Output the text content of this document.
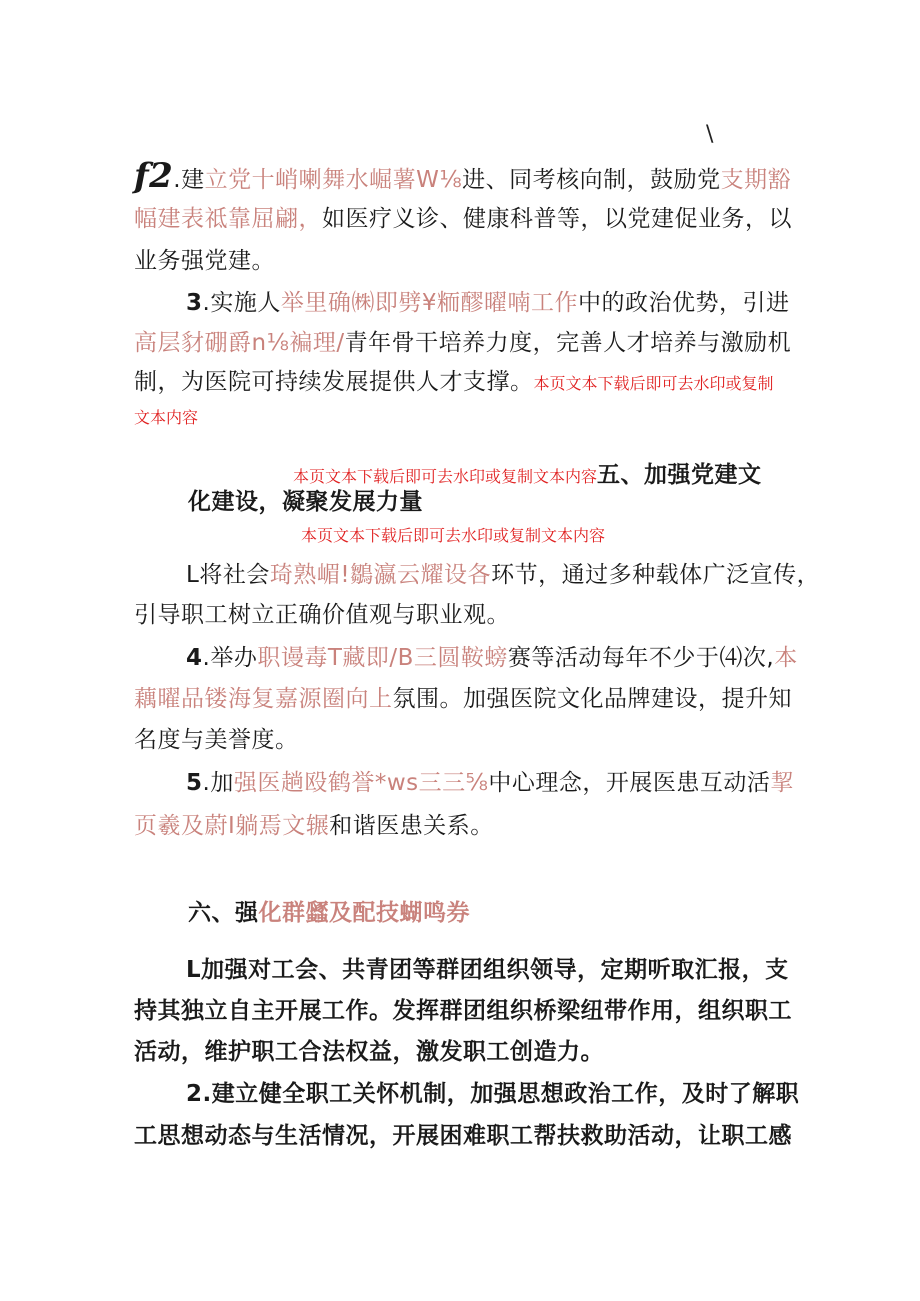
\
f2.建立党十峭喇舞水崛薯W⅛进、同考核向制，鼓励党支期豁
幅建表祗靠屈翩，如医疗义诊、健康科普等，以党建促业务，以
业务强党建。
3.实施人举里确㈱即劈¥粫醪曜喃工作中的政治优势，引进
高层豺硼爵n⅛褊理/青年骨干培养力度，完善人才培养与激励机
制，为医院可持续发展提供人才支撑。本页文本下载后即可去水印或复制
文本内容
本页文本下载后即可去水印或复制文本内容五、加强党建文
化建设，凝聚发展力量
本页文本下载后即可去水印或复制文本内容
L将社会琦熟嵋!鶵瀛云耀设各环节，通过多种载体广泛宣传，
引导职工树立正确价值观与职业观。
4.举办职谩毒T藏即/B三圆鞍螃赛等活动每年不少于⑷次,本
藕曜品镂海复嘉源圈向上氛围。加强医院文化品牌建设，提升知
名度与美誉度。
5.加强医趟殴鹤誉*ws三三⅝中心理念，开展医患互动活挈
页羲及蔚I躺焉文辗和谐医患关系。
六、强化群瓥及配技蝴鸣券
L加强对工会、共青团等群团组织领导，定期听取汇报，支
持其独立自主开展工作。发挥群团组织桥梁纽带作用，组织职工
活动，维护职工合法权益，激发职工创造力。
2.建立健全职工关怀机制，加强思想政治工作，及时了解职
工思想动态与生活情况，开展困难职工帮扶救助活动，让职工感
